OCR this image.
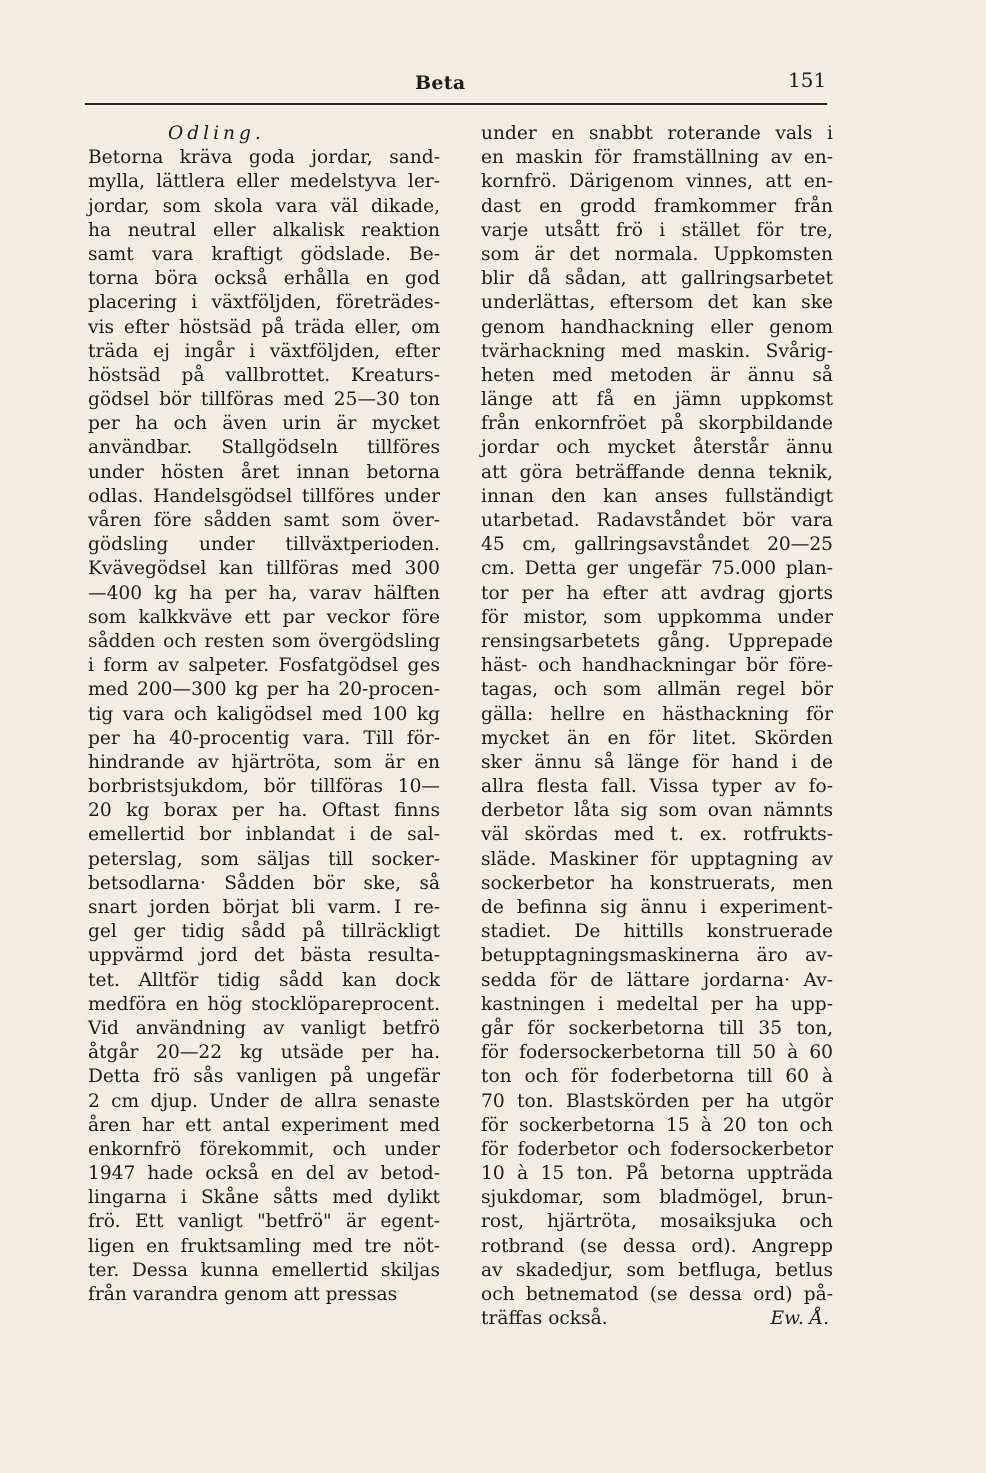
Beta	151
Odling.
Betorna kräva goda jordar, sand-
mylla, lättlera eller medelstyva ler-
jordar, som skola vara väl dikade,
ha neutral eller alkalisk reaktion
samt vara kraftigt gödslade. Be-
torna böra också erhålla en god
placering i växtföljden, företrädes-
vis efter höstsäd på träda eller, om
träda ej ingår i växtföljden, efter
höstsäd på vallbrottet. Kreaturs-
gödsel bör tillföras med 25—30 ton
per ha och även urin är mycket
användbar. Stallgödseln tillföres
under hösten året innan betorna
odlas. Handelsgödsel tillföres under
våren före sådden samt som över-
gödsling under tillväxtperioden.
Kvävegödsel kan tillföras med 300
—400 kg ha per ha, varav hälften
som kalkkväve ett par veckor före
sådden och resten som övergödsling
i form av salpeter. Fosfatgödsel ges
med 200—300 kg per ha 20-procen-
tig vara och kaligödsel med 100 kg
per ha 40-procentig vara. Till för-
hindrande av hjärtröta, som är en
borbristsjukdom, bör tillföras 10—
20 kg borax per ha. Oftast finns
emellertid bor inblandat i de sal-
peterslag, som säljas till socker-
betsodlarna· Sådden bör ske, så
snart jorden börjat bli varm. I re-
gel ger tidig sådd på tillräckligt
uppvärmd jord det bästa resulta-
tet. Alltför tidig sådd kan dock
medföra en hög stocklöpareprocent.
Vid användning av vanligt betfrö
åtgår 20—22 kg utsäde per ha.
Detta frö sås vanligen på ungefär
2 cm djup. Under de allra senaste
åren har ett antal experiment med
enkornfrö förekommit, och under
1947 hade också en del av betod-
lingarna i Skåne såtts med dylikt
frö. Ett vanligt "betfrö" är egent-
ligen en fruktsamling med tre nöt-
ter. Dessa kunna emellertid skiljas
från varandra genom att pressas
under en snabbt roterande vals i
en maskin för framställning av en-
kornfrö. Därigenom vinnes, att en-
dast en grodd framkommer från
varje utsått frö i stället för tre,
som är det normala. Uppkomsten
blir då sådan, att gallringsarbetet
underlättas, eftersom det kan ske
genom handhackning eller genom
tvärhackning med maskin. Svårig-
heten med metoden är ännu så
länge att få en jämn uppkomst
från enkornfröet på skorpbildande
jordar och mycket återstår ännu
att göra beträffande denna teknik,
innan den kan anses fullständigt
utarbetad. Radavståndet bör vara
45 cm, gallringsavståndet 20—25
cm. Detta ger ungefär 75.000 plan-
tor per ha efter att avdrag gjorts
för mistor, som uppkomma under
rensingsarbetets gång. Upprepade
häst- och handhackningar bör före-
tagas, och som allmän regel bör
gälla: hellre en hästhackning för
mycket än en för litet. Skörden
sker ännu så länge för hand i de
allra flesta fall. Vissa typer av fo-
derbetor låta sig som ovan nämnts
väl skördas med t. ex. rotfrukts-
släde. Maskiner för upptagning av
sockerbetor ha konstruerats, men
de befinna sig ännu i experiment-
stadiet. De hittills konstruerade
betupptagningsmaskinerna äro av-
sedda för de lättare jordarna· Av-
kastningen i medeltal per ha upp-
går för sockerbetorna till 35 ton,
för fodersockerbetorna till 50 à 60
ton och för foderbetorna till 60 à
70 ton. Blastskörden per ha utgör
för sockerbetorna 15 à 20 ton och
för foderbetor och fodersockerbetor
10 à 15 ton. På betorna uppträda
sjukdomar, som bladmögel, brun-
rost, hjärtröta, mosaiksjuka och
rotbrand (se dessa ord). Angrepp
av skadedjur, som betfluga, betlus
och betnematod (se dessa ord) på-
träffas också.	Ew. Å.
